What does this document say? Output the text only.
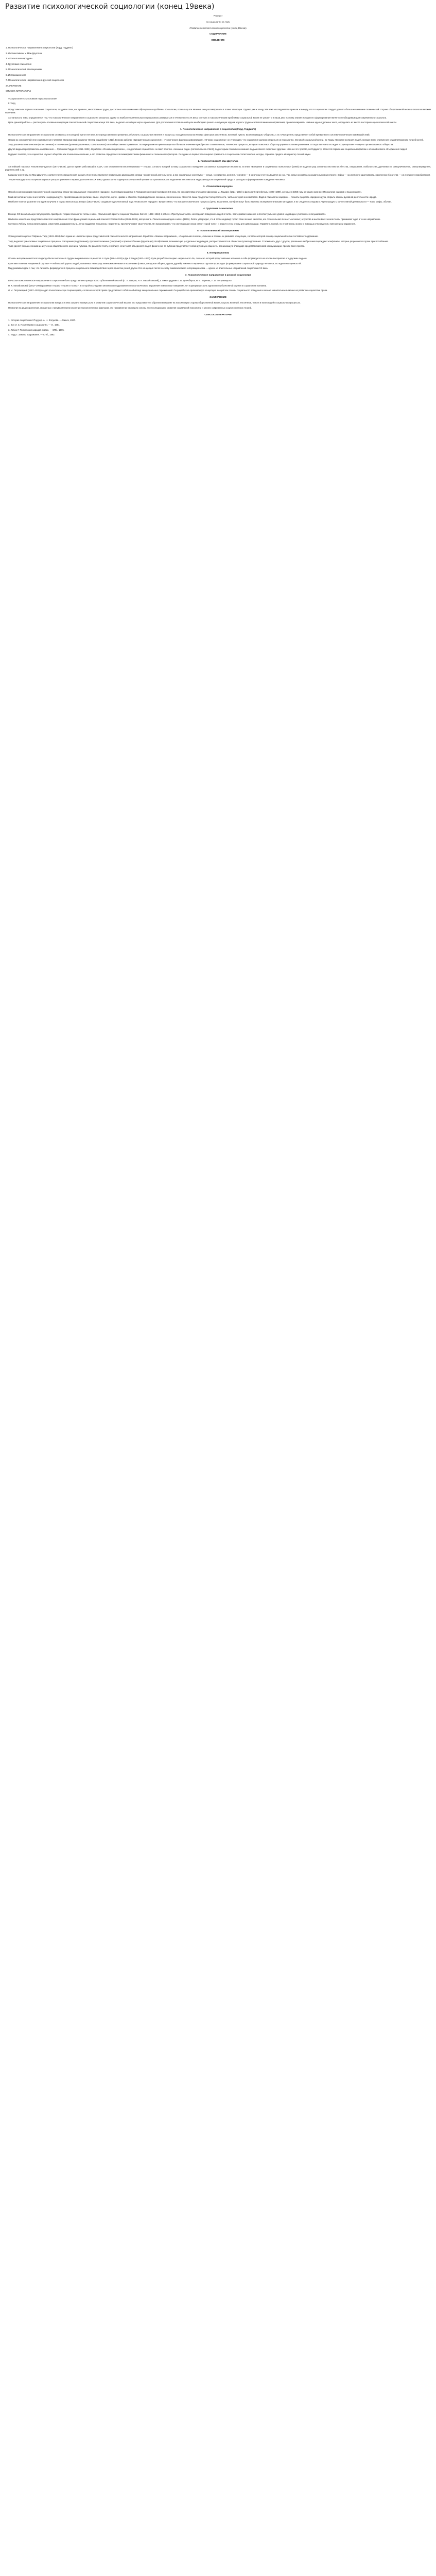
Развитие психологической социологии (конец 19века)
Реферат
по социологии на тему
«Развитие психологической социологии (конец 19века)»
СОДЕРЖАНИЕ
ВВЕДЕНИЕ
1. Психологическое направление в социологии (Уорд, Гиддингс)
2. Инстинктивизм У. Мак-Дауголла
3. «Психология народов»
4. Групповая психология
5. Психологический эволюционизм
6. Интеракционизм
7. Психологическое направление в русской социологии
ЗАКЛЮЧЕНИЕ
СПИСОК ЛИТЕРАТУРЫ
«Социология есть основная наука психологии»
Г. Уорд
Представители первого поколения социологов, создавая свои, как правило, многотомные труды, достаточно мало внимания обращали на проблемы психологии, поскольку все явления они рассматривали в плане эволюции. Однако уже к концу XIX века исследователи пришли к выводу, что в социологии следует уделять большое внимание психической стороне общественной жизни и психологическим явлениям.
Актуальность темы определяется тем, что психологическое направление в социологии оказалось одним из наиболее влиятельных и продолжало развиваться в течение всего XX века. Интерес к психологическим проблемам социальной жизни не угасает и в наши дни, поэтому знание истории его формирования является необходимым для современного социолога.
Цель данной работы — рассмотреть основные концепции психологической социологии конца XIX века, выделить их общие черты и различия. Для достижения поставленной цели необходимо решить следующие задачи: изучить труды основоположников направления, проанализировать главные идеи отдельных школ, определить их место в истории социологической мысли.
1. Психологическое направление в социологии (Уорд, Гиддингс)
Психологическое направление в социологии сложилось в последней трети XIX века. Его представители стремились объяснить социальные явления и процессы, исходя из психологических факторов: инстинктов, желаний, чувств, воли индивидов. Общество, с их точки зрения, представляет собой прежде всего систему психических взаимодействий.
Одним из основателей этого направления считается американский социолог Лестер Уорд (1841–1913). В своих работах «Динамическая социология», «Психические факторы цивилизации», «Очерки социологии» он утверждал, что социология должна опираться на психологию. Основой социальной жизни, по Уорду, являются желания людей, прежде всего стремление к удовлетворению потребностей.
Уорд различал генетические (естественные) и телические (целенаправленные, сознательные) силы общественного развития. По мере развития цивилизации все большее значение приобретают сознательные, телические процессы, которые позволяют обществу управлять своим развитием. Отсюда вытекала его идея «социократии» — научно организованного общества.
Другой видный представитель направления — Франклин Гиддингс (1855–1931). В работах «Основы социологии», «Индуктивная социология» он ввел понятие «сознание рода» (consciousness of kind), под которым понимал осознание людьми своего сходства с другими. Именно это чувство, по Гиддингсу, является первичным социальным фактом и основой всякого объединения людей.
Гиддингс полагал, что социология изучает общество как психическое явление, а его развитие определяется взаимодействием физических и психических факторов. Он одним из первых стал широко применять в социологии статистические методы, стремясь придать ей характер точной науки.
2. Инстинктивизм У. Мак-Дауголла
Английский психолог Уильям Мак-Дауголл (1871–1938), долгое время работавший в США, стал основателем инстинктивизма — теории, согласно которой основу социального поведения составляют врожденные инстинкты. В книге «Введение в социальную психологию» (1908) он выделил ряд основных инстинктов: бегства, отвращения, любопытства, драчливости, самоуничижения, самоутверждения, родительский и др.
Каждому инстинкту, по Мак-Дауголлу, соответствует определенная эмоция. Инстинкты являются первичными движущими силами человеческой деятельности, а все социальные институты — семья, государство, религия, торговля — в конечном счете выводятся из них. Так, семья основана на родительском инстинкте, война — на инстинкте драчливости, накопление богатства — на инстинкте приобретения.
Теория Мак-Дауголла получила широкое распространение в первые десятилетия XX века, однако затем подверглась серьезной критике за произвольность выделения инстинктов и недооценку роли социальной среды и культуры в формировании поведения человека.
3. «Психология народов»
Одной из ранних форм психологической социологии стала так называемая «психология народов», получившая развитие в Германии во второй половине XIX века. Ее основателями считаются философ М. Лацарус (1824–1903) и филолог Г. Штейнталь (1823–1899), которые в 1859 году основали журнал «Психология народов и языкознание».
Главной силой истории они считали «народный дух», проявляющийся в религии, языке, искусстве, науке, нравах и обычаях. Индивидуальное сознание, по их мнению, является лишь продуктом той целостности, частью которой оно является. Задача психологии народов — познать сущность народного духа, открыть законы духовной деятельности народа.
Наиболее полное развитие эти идеи получили в трудах Вильгельма Вундта (1832–1920), создавшего десятитомный труд «Психология народов». Вундт считал, что высшие психические процессы (речь, мышление, воля) не могут быть изучены экспериментальными методами, и их следует исследовать через продукты коллективной деятельности — язык, мифы, обычаи.
4. Групповая психология
В конце XIX века большую популярность приобрели теории психологии толпы и масс. Итальянский юрист и социолог Сципион Сигеле (1868–1913) в работе «Преступная толпа» исследовал поведение людей в толпе, подчеркивая снижение интеллектуального уровня индивида и усиление его внушаемости.
Наиболее известным представителем этого направления стал французский социальный психолог Гюстав Лебон (1841–1931), автор книги «Психология народов и масс» (1895). Лебон утверждал, что в толпе индивид теряет свои личные качества, его сознательная личность исчезает, а чувства и мысли всех членов толпы принимают одно и то же направление.
Согласно Лебону, толпа импульсивна, изменчива, раздражительна, легко поддается внушению, некритична, преувеличивает свои чувства. Он предсказывал, что наступающая эпоха станет «эрой толп», и видел в этом угрозу для цивилизации. Управлять толпой, по его мнению, можно с помощью утверждения, повторения и заражения.
5. Психологический эволюционизм
Французский социолог Габриель Тард (1843–1904) был одним из наиболее ярких представителей психологического направления. В работах «Законы подражания», «Социальная логика», «Мнение и толпа» он развивал концепцию, согласно которой основу социальной жизни составляет подражание.
Тард выделял три основных социальных процесса: повторение (подражание), противоположение (конфликт) и приспособление (адаптация). Изобретения, возникающие у отдельных индивидов, распространяются в обществе путем подражания. Сталкиваясь друг с другом, различные изобретения порождают конфликты, которые разрешаются путем приспособления.
Тард уделял большое внимание изучению общественного мнения и публики. Он различал толпу и публику: если толпа объединяет людей физически, то публика представляет собой духовную общность, возникающую благодаря средствам массовой коммуникации, прежде всего прессе.
6. Интеракционизм
Основы интеракционистского подхода были заложены в трудах американских социологов Ч. Кули (1864–1929) и Дж. Г. Мида (1863–1931). Кули разработал теорию «зеркального Я», согласно которой представление человека о себе формируется на основе восприятия его другими людьми.
Кули ввел понятие «первичной группы» — небольшой группы людей, связанных непосредственными личными отношениями (семья, соседская община, группа друзей). Именно в первичных группах происходит формирование социальной природы человека, его идеалов и ценностей.
Мид развивал идеи о том, что личность формируется в процессе социального взаимодействия через принятие ролей других. Его концепция легла в основу символического интеракционизма — одного из влиятельных направлений социологии XX века.
7. Психологическое направление в русской социологии
В России психологическое направление в социологии было представлено прежде всего субъективной школой (П. Л. Лавров, Н. К. Михайловский), а также трудами Е. В. Де Роберти, Н. И. Кареева, Л. И. Петражицкого.
Н. К. Михайловский (1842–1904) развивал теорию «героев и толпы», в которой исследовал механизмы подражания и психологического заражения в массовом поведении. Он подчеркивал роль идеалов и субъективной оценки в социальном познании.
Л. И. Петражицкий (1867–1931) создал психологическую теорию права, согласно которой право представляет собой особый вид эмоциональных переживаний. Он разработал оригинальную концепцию эмоций как основы социального поведения и оказал значительное влияние на развитие социологии права.
ЗАКЛЮЧЕНИЕ
Психологическое направление в социологии конца XIX века сыграло важную роль в развитии социологической мысли. Его представители обратили внимание на психическую сторону общественной жизни, на роль желаний, инстинктов, чувств и воли людей в социальных процессах.
Несмотря на ряд недостатков, связанных с преувеличением значения психологических факторов, это направление заложило основы для последующего развития социальной психологии и многих современных социологических теорий.
СПИСОК ЛИТЕРАТУРЫ
1. История социологии / Под ред. А. Н. Елсукова. — Минск, 1997.
2. Кон И. С. Позитивизм в социологии. — Л., 1964.
3. Лебон Г. Психология народов и масс. — СПб., 1995.
4. Тард Г. Законы подражания. — СПб., 1892.
